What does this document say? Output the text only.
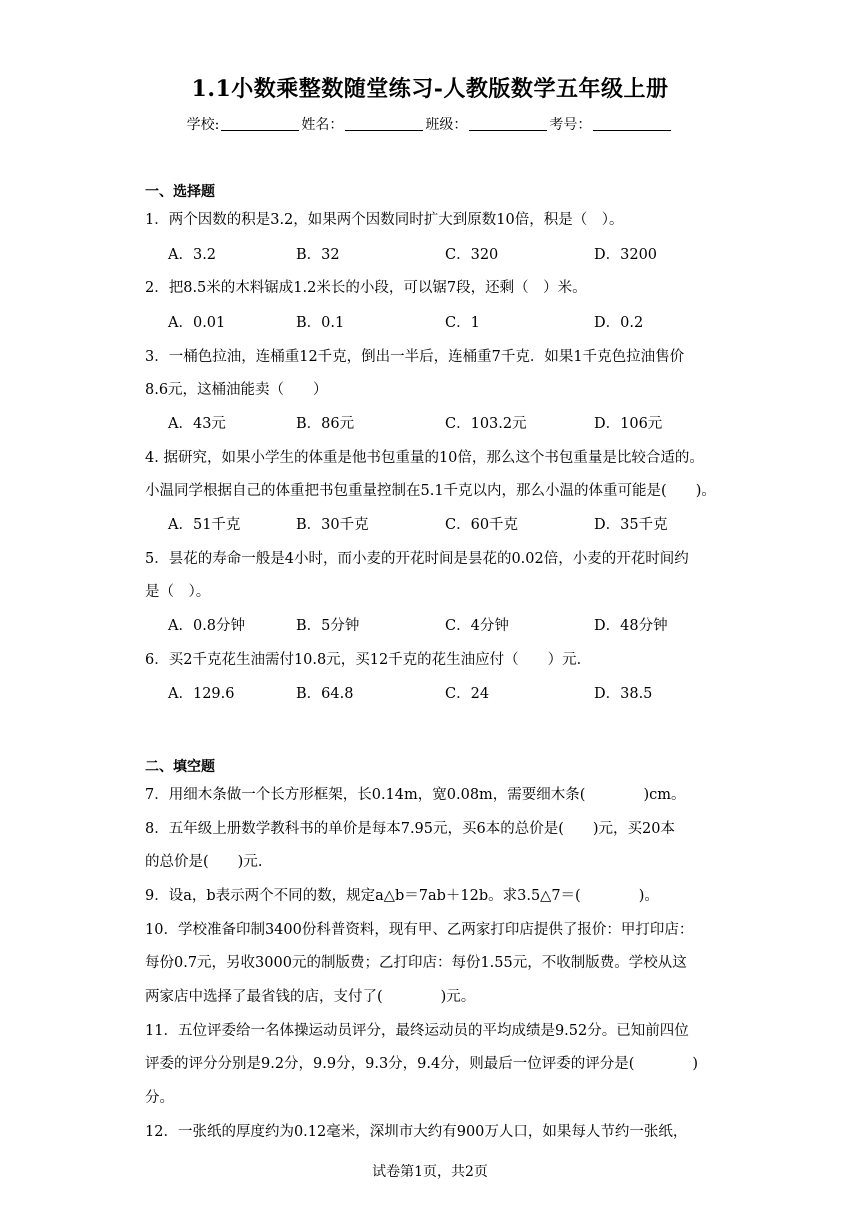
1.1小数乘整数随堂练习-人教版数学五年级上册
学校:	姓名：	班级：	考号：
一、选择题
1．两个因数的积是3.2，如果两个因数同时扩大到原数10倍，积是（　）。
A．3.2	B．32	C．320	D．3200
2．把8.5米的木料锯成1.2米长的小段，可以锯7段，还剩（　）米。
A．0.01	B．0.1	C．1	D．0.2
3．一桶色拉油，连桶重12千克，倒出一半后，连桶重7千克．如果1千克色拉油售价
8.6元，这桶油能卖（　　）
A．43元	B．86元	C．103.2元	D．106元
4. 据研究，如果小学生的体重是他书包重量的10倍，那么这个书包重量是比较合适的。
小温同学根据自己的体重把书包重量控制在5.1千克以内，那么小温的体重可能是(　　)。
A．51千克	B．30千克	C．60千克	D．35千克
5．昙花的寿命一般是4小时，而小麦的开花时间是昙花的0.02倍，小麦的开花时间约
是（　）。
A．0.8分钟	B．5分钟	C．4分钟	D．48分钟
6．买2千克花生油需付10.8元，买12千克的花生油应付（　　）元．
A．129.6	B．64.8	C．24	D．38.5
二、填空题
7．用细木条做一个长方形框架，长0.14m，宽0.08m，需要细木条(　　　　)cm。
8．五年级上册数学教科书的单价是每本7.95元，买6本的总价是(　　)元，买20本
的总价是(　　)元.
9．设a，b表示两个不同的数，规定a△b＝7ab＋12b。求3.5△7＝(　　　　)。
10．学校准备印制3400份科普资料，现有甲、乙两家打印店提供了报价：甲打印店：
每份0.7元，另收3000元的制版费；乙打印店：每份1.55元，不收制版费。学校从这
两家店中选择了最省钱的店，支付了(　　　　)元。
11．五位评委给一名体操运动员评分，最终运动员的平均成绩是9.52分。已知前四位
评委的评分分别是9.2分，9.9分，9.3分，9.4分，则最后一位评委的评分是(　　　　)
分。
12．一张纸的厚度约为0.12毫米，深圳市大约有900万人口，如果每人节约一张纸，
试卷第1页，共2页
